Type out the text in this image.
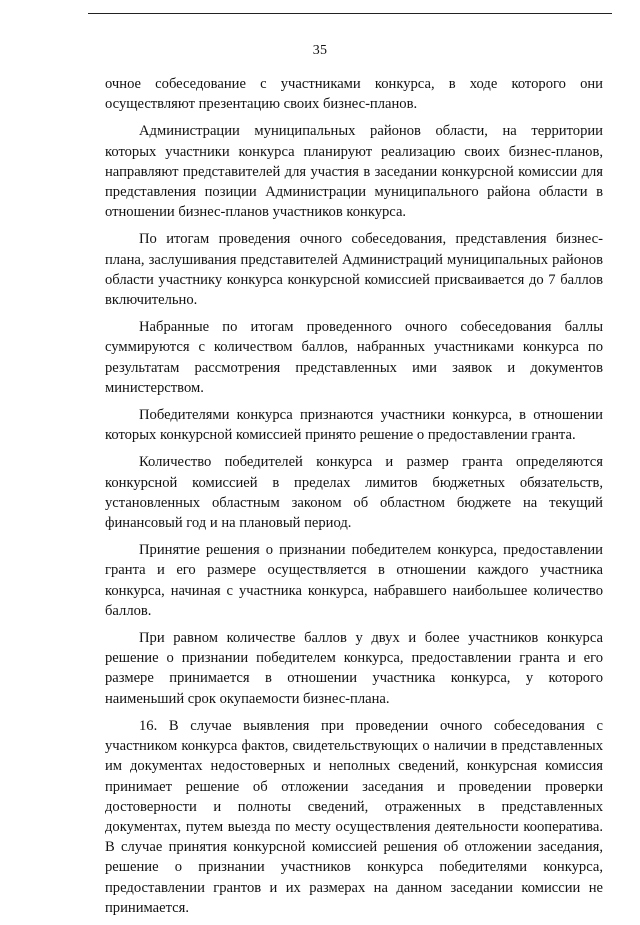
35

очное собеседование с участниками конкурса, в ходе которого они осуществляют презентацию своих бизнес-планов.

Администрации муниципальных районов области, на территории которых участники конкурса планируют реализацию своих бизнес-планов, направляют представителей для участия в заседании конкурсной комиссии для представления позиции Администрации муниципального района области в отношении бизнес-планов участников конкурса.

По итогам проведения очного собеседования, представления бизнес-плана, заслушивания представителей Администраций муниципальных районов области участнику конкурса конкурсной комиссией присваивается до 7 баллов включительно.

Набранные по итогам проведенного очного собеседования баллы суммируются с количеством баллов, набранных участниками конкурса по результатам рассмотрения представленных ими заявок и документов министерством.

Победителями конкурса признаются участники конкурса, в отношении которых конкурсной комиссией принято решение о предоставлении гранта.

Количество победителей конкурса и размер гранта определяются конкурсной комиссией в пределах лимитов бюджетных обязательств, установленных областным законом об областном бюджете на текущий финансовый год и на плановый период.

Принятие решения о признании победителем конкурса, предоставлении гранта и его размере осуществляется в отношении каждого участника конкурса, начиная с участника конкурса, набравшего наибольшее количество баллов.

При равном количестве баллов у двух и более участников конкурса решение о признании победителем конкурса, предоставлении гранта и его размере принимается в отношении участника конкурса, у которого наименьший срок окупаемости бизнес-плана.

16. В случае выявления при проведении очного собеседования с участником конкурса фактов, свидетельствующих о наличии в представленных им документах недостоверных и неполных сведений, конкурсная комиссия принимает решение об отложении заседания и проведении проверки достоверности и полноты сведений, отраженных в представленных документах, путем выезда по месту осуществления деятельности кооператива. В случае принятия конкурсной комиссией решения об отложении заседания, решение о признании участников конкурса победителями конкурса, предоставлении грантов и их размерах на данном заседании комиссии не принимается.
